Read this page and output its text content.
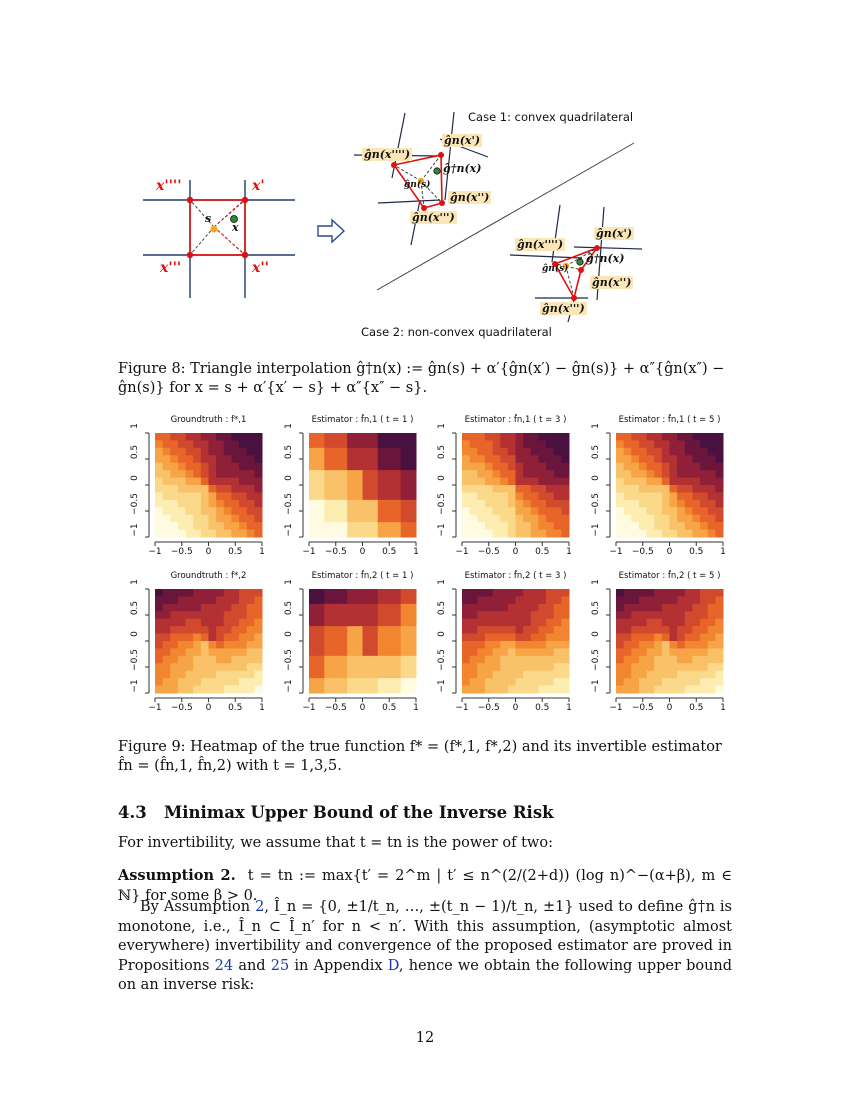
x''''	x'
x'''	x''
s
x
Case 1: convex quadrilateral
Case 2: non-convex quadrilateral
ĝn(x'''')
ĝn(x')
ĝ†n(x)
ĝn(s)
ĝn(x'')
ĝn(x''')
ĝn(x'')
ĝn(x')
ĝ†n(x)
ĝn(s)
ĝn(x''')
ĝn(x'''')
Figure 8: Triangle interpolation ĝ†n(x) := ĝn(s) + α′{ĝn(x′) − ĝn(s)} + α″{ĝn(x″) − ĝn(s)} for x = s + α′{x′ − s} + α″{x″ − s}.
Groundtruth : f*,1
−1
−1
−0.5
−0.5
0
0
0.5
0.5
1
1
Estimator : f̂n,1 ( t = 1 )
−1
−1
−0.5
−0.5
0
0
0.5
0.5
1
1
Estimator : f̂n,1 ( t = 3 )
−1
−1
−0.5
−0.5
0
0
0.5
0.5
1
1
Estimator : f̂n,1 ( t = 5 )
−1
−1
−0.5
−0.5
0
0
0.5
0.5
1
1
Groundtruth : f*,2
−1
−1
−0.5
−0.5
0
0
0.5
0.5
1
1
Estimator : f̂n,2 ( t = 1 )
−1
−1
−0.5
−0.5
0
0
0.5
0.5
1
1
Estimator : f̂n,2 ( t = 3 )
−1
−1
−0.5
−0.5
0
0
0.5
0.5
1
1
Estimator : f̂n,2 ( t = 5 )
−1
−1
−0.5
−0.5
0
0
0.5
0.5
1
1
Figure 9: Heatmap of the true function f* = (f*,1, f*,2) and its invertible estimator f̂n = (f̂n,1, f̂n,2) with t = 1,3,5.
4.3 Minimax Upper Bound of the Inverse Risk
For invertibility, we assume that t = tn is the power of two:
Assumption 2. t = tn := max{t′ = 2^m | t′ ≤ n^(2/(2+d)) (log n)^−(α+β), m ∈ ℕ} for some β > 0.
By Assumption 2, Î_n = {0, ±1/t_n, …, ±(t_n − 1)/t_n, ±1} used to define ĝ†n is monotone, i.e., Î_n ⊂ Î_n′ for n < n′. With this assumption, (asymptotic almost everywhere) invertibility and convergence of the proposed estimator are proved in Propositions 24 and 25 in Appendix D, hence we obtain the following upper bound on an inverse risk:
12
